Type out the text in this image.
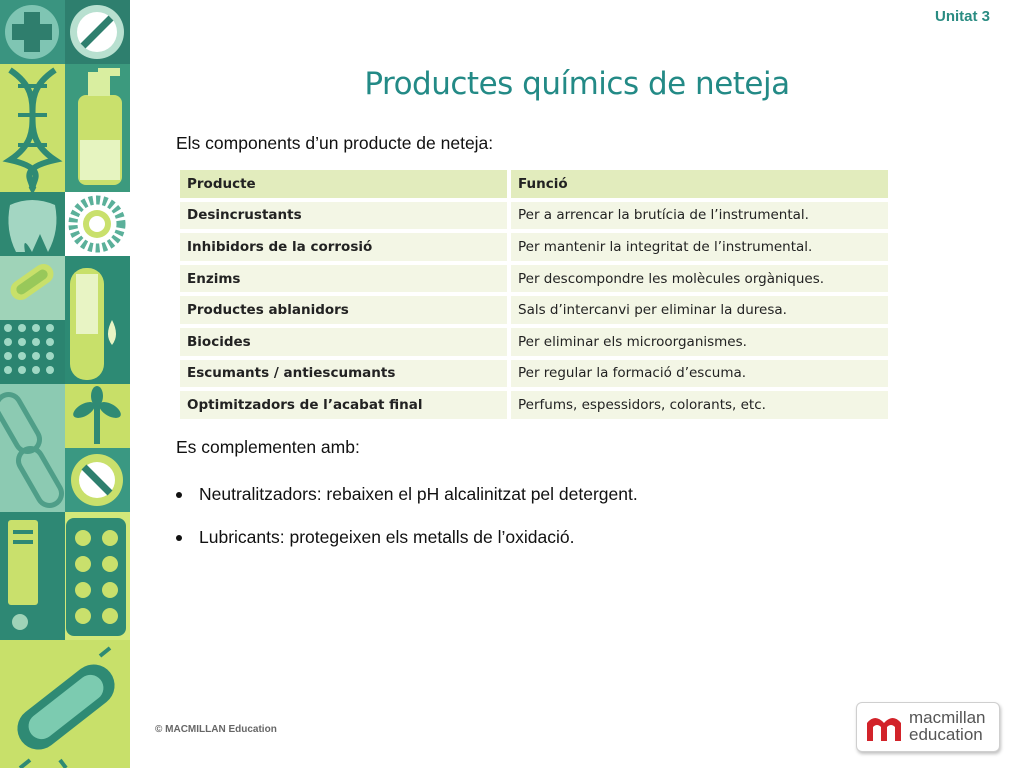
Unitat 3
Productes químics de neteja
Els components d’un producte de neteja:
Producte	Funció
Desincrustants	Per a arrencar la brutícia de l’instrumental.
Inhibidors de la corrosió	Per mantenir la integritat de l’instrumental.
Enzims	Per descompondre les molècules orgàniques.
Productes ablanidors	Sals d’intercanvi per eliminar la duresa.
Biocides	Per eliminar els microorganismes.
Escumants / antiescumants	Per regular la formació d’escuma.
Optimitzadors de l’acabat final	Perfums, espessidors, colorants, etc.
Es complementen amb:
Neutralitzadors: rebaixen el pH alcalinitzat pel detergent.
Lubricants: protegeixen els metalls de l’oxidació.
© MACMILLAN Education
macmillan
education
